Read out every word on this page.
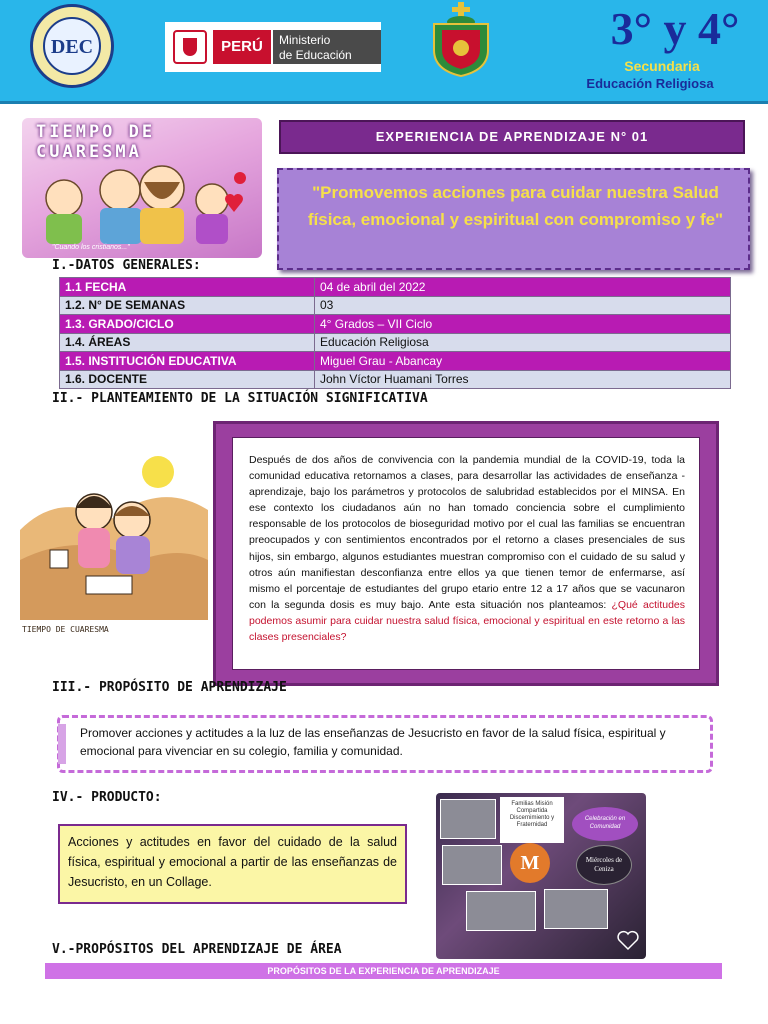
DEC	PERÚ	Ministerio
de Educación
3° y 4°
Secundaria
Educación Religiosa
TIEMPO DE CUARESMA
"Cuando los cristianos..."
EXPERIENCIA DE APRENDIZAJE N° 01
"Promovemos acciones para cuidar nuestra Salud física, emocional y espiritual con compromiso y fe"
I.-DATOS GENERALES:
1.1 FECHA	04 de abril del 2022
1.2. N° DE SEMANAS	03
1.3. GRADO/CICLO	4° Grados – VII Ciclo
1.4. ÁREAS	Educación Religiosa
1.5. INSTITUCIÓN EDUCATIVA	Miguel Grau - Abancay
1.6. DOCENTE	John Víctor Huamani Torres
II.- PLANTEAMIENTO DE LA SITUACIÓN SIGNIFICATIVA
TIEMPO DE CUARESMA

Después de dos años de convivencia con la pandemia mundial de la COVID-19, toda la comunidad educativa retornamos a clases, para desarrollar las actividades de enseñanza - aprendizaje, bajo los parámetros y protocolos de salubridad establecidos por el MINSA. En ese contexto los ciudadanos aún no han tomado conciencia sobre el cumplimiento responsable de los protocolos de bioseguridad motivo por el cual las familias se encuentran preocupados y con sentimientos encontrados por el retorno a clases presenciales de sus hijos, sin embargo, algunos estudiantes muestran compromiso con el cuidado de su salud y otros aún manifiestan desconfianza entre ellos ya que tienen temor de enfermarse, así mismo el porcentaje de estudiantes del grupo etario entre 12 a 17 años que se vacunaron con la segunda dosis es muy bajo. Ante esta situación nos planteamos: ¿Qué actitudes podemos asumir para cuidar nuestra salud física, emocional y espiritual en este retorno a las clases presenciales?

III.- PROPÓSITO DE APRENDIZAJE
Promover acciones y actitudes a la luz de las enseñanzas de Jesucristo en favor de la salud física, espiritual y emocional para vivenciar en su colegio, familia y comunidad.
IV.- PRODUCTO:
Acciones y actitudes en favor del cuidado de la salud física, espiritual y emocional a partir de las enseñanzas de Jesucristo, en un Collage.
Familias Misión Compartida Discernimiento y Fraternidad
Celebración en Comunidad
M	Miércoles de Ceniza
V.-PROPÓSITOS DEL APRENDIZAJE DE ÁREA
PROPÓSITOS DE LA EXPERIENCIA DE APRENDIZAJE
